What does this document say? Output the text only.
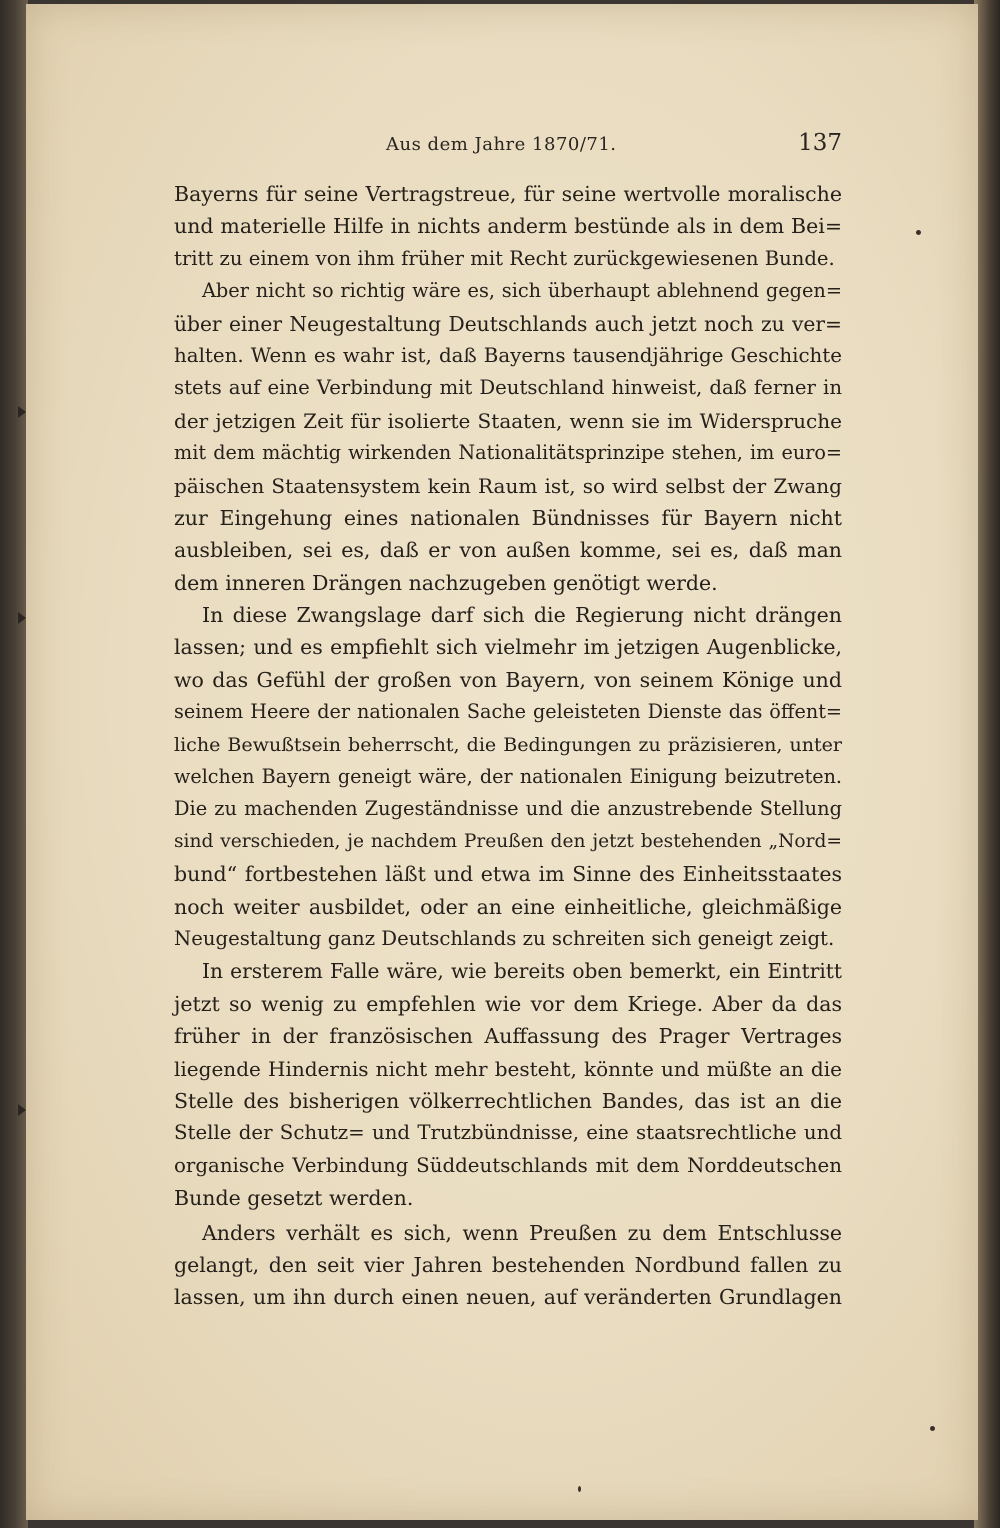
Aus dem Jahre 1870/71.	137
Bayerns für seine Vertragstreue, für seine wertvolle moralische
und materielle Hilfe in nichts anderm bestünde als in dem Bei=
tritt zu einem von ihm früher mit Recht zurückgewiesenen Bunde.
Aber nicht so richtig wäre es, sich überhaupt ablehnend gegen=
über einer Neugestaltung Deutschlands auch jetzt noch zu ver=
halten. Wenn es wahr ist, daß Bayerns tausendjährige Geschichte
stets auf eine Verbindung mit Deutschland hinweist, daß ferner in
der jetzigen Zeit für isolierte Staaten, wenn sie im Widerspruche
mit dem mächtig wirkenden Nationalitätsprinzipe stehen, im euro=
päischen Staatensystem kein Raum ist, so wird selbst der Zwang
zur Eingehung eines nationalen Bündnisses für Bayern nicht
ausbleiben, sei es, daß er von außen komme, sei es, daß man
dem inneren Drängen nachzugeben genötigt werde.
In diese Zwangslage darf sich die Regierung nicht drängen
lassen; und es empfiehlt sich vielmehr im jetzigen Augenblicke,
wo das Gefühl der großen von Bayern, von seinem Könige und
seinem Heere der nationalen Sache geleisteten Dienste das öffent=
liche Bewußtsein beherrscht, die Bedingungen zu präzisieren, unter
welchen Bayern geneigt wäre, der nationalen Einigung beizutreten.
Die zu machenden Zugeständnisse und die anzustrebende Stellung
sind verschieden, je nachdem Preußen den jetzt bestehenden „Nord=
bund“ fortbestehen läßt und etwa im Sinne des Einheitsstaates
noch weiter ausbildet, oder an eine einheitliche, gleichmäßige
Neugestaltung ganz Deutschlands zu schreiten sich geneigt zeigt.
In ersterem Falle wäre, wie bereits oben bemerkt, ein Eintritt
jetzt so wenig zu empfehlen wie vor dem Kriege. Aber da das
früher in der französischen Auffassung des Prager Vertrages
liegende Hindernis nicht mehr besteht, könnte und müßte an die
Stelle des bisherigen völkerrechtlichen Bandes, das ist an die
Stelle der Schutz= und Trutzbündnisse, eine staatsrechtliche und
organische Verbindung Süddeutschlands mit dem Norddeutschen
Bunde gesetzt werden.
Anders verhält es sich, wenn Preußen zu dem Entschlusse
gelangt, den seit vier Jahren bestehenden Nordbund fallen zu
lassen, um ihn durch einen neuen, auf veränderten Grundlagen
